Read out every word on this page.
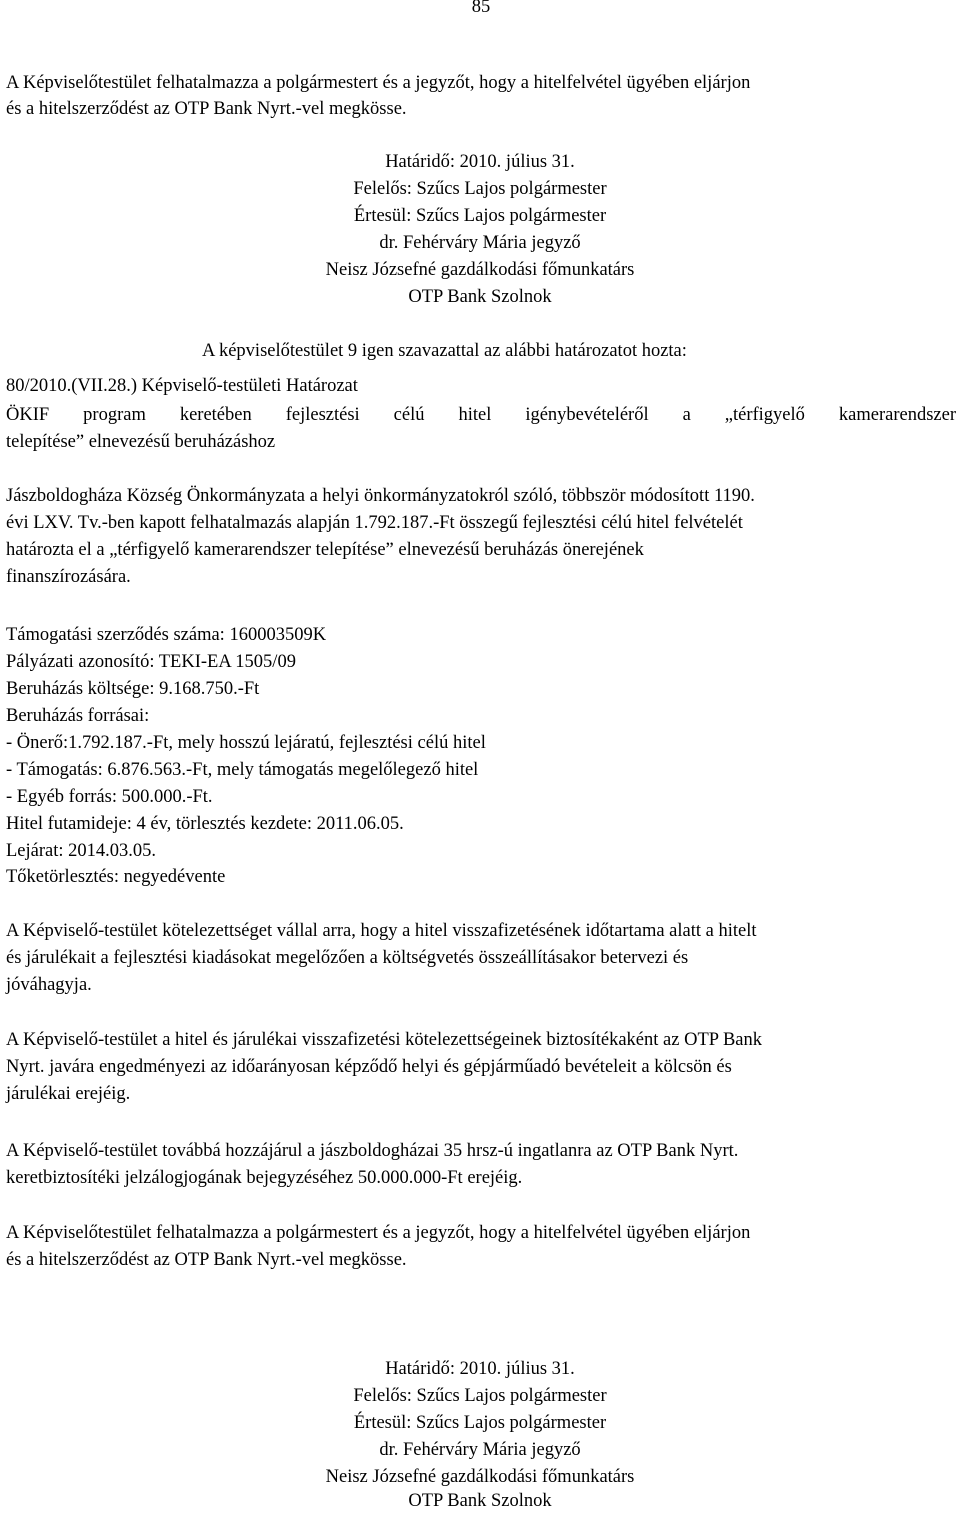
85
A Képviselőtestület felhatalmazza a polgármestert és a jegyzőt, hogy a hitelfelvétel ügyében eljárjon
és a hitelszerződést az OTP Bank Nyrt.-vel megkösse.
Határidő: 2010. július 31.
Felelős: Szűcs Lajos polgármester
Értesül: Szűcs Lajos polgármester
dr. Fehérváry Mária jegyző
Neisz Józsefné gazdálkodási főmunkatárs
OTP Bank Szolnok
A képviselőtestület 9 igen szavazattal az alábbi határozatot hozta:
80/2010.(VII.28.) Képviselő-testületi Határozat
ÖKIF program keretében fejlesztési célú hitel igénybevételéről a „térfigyelő kamerarendszer
telepítése” elnevezésű beruházáshoz
Jászboldogháza Község Önkormányzata a helyi önkormányzatokról szóló, többször módosított 1190.
évi LXV. Tv.-ben kapott felhatalmazás alapján 1.792.187.-Ft összegű fejlesztési célú hitel felvételét
határozta el a „térfigyelő kamerarendszer telepítése” elnevezésű beruházás önerejének
finanszírozására.
Támogatási szerződés száma: 160003509K
Pályázati azonosító: TEKI-EA 1505/09
Beruházás költsége: 9.168.750.-Ft
Beruházás forrásai:
- Önerő:1.792.187.-Ft, mely hosszú lejáratú, fejlesztési célú hitel
- Támogatás: 6.876.563.-Ft, mely támogatás megelőlegező hitel
- Egyéb forrás: 500.000.-Ft.
Hitel futamideje: 4 év, törlesztés kezdete: 2011.06.05.
Lejárat: 2014.03.05.
Tőketörlesztés: negyedévente
A Képviselő-testület kötelezettséget vállal arra, hogy a hitel visszafizetésének időtartama alatt a hitelt
és járulékait a fejlesztési kiadásokat megelőzően a költségvetés összeállításakor betervezi és
jóváhagyja.
A Képviselő-testület a hitel és járulékai visszafizetési kötelezettségeinek biztosítékaként az OTP Bank
Nyrt. javára engedményezi az időarányosan képződő helyi és gépjárműadó bevételeit a kölcsön és
járulékai erejéig.
A Képviselő-testület továbbá hozzájárul a jászboldogházai 35 hrsz-ú ingatlanra az OTP Bank Nyrt.
keretbiztosítéki jelzálogjogának bejegyzéséhez 50.000.000-Ft erejéig.
A Képviselőtestület felhatalmazza a polgármestert és a jegyzőt, hogy a hitelfelvétel ügyében eljárjon
és a hitelszerződést az OTP Bank Nyrt.-vel megkösse.
Határidő: 2010. július 31.
Felelős: Szűcs Lajos polgármester
Értesül: Szűcs Lajos polgármester
dr. Fehérváry Mária jegyző
Neisz Józsefné gazdálkodási főmunkatárs
OTP Bank Szolnok
